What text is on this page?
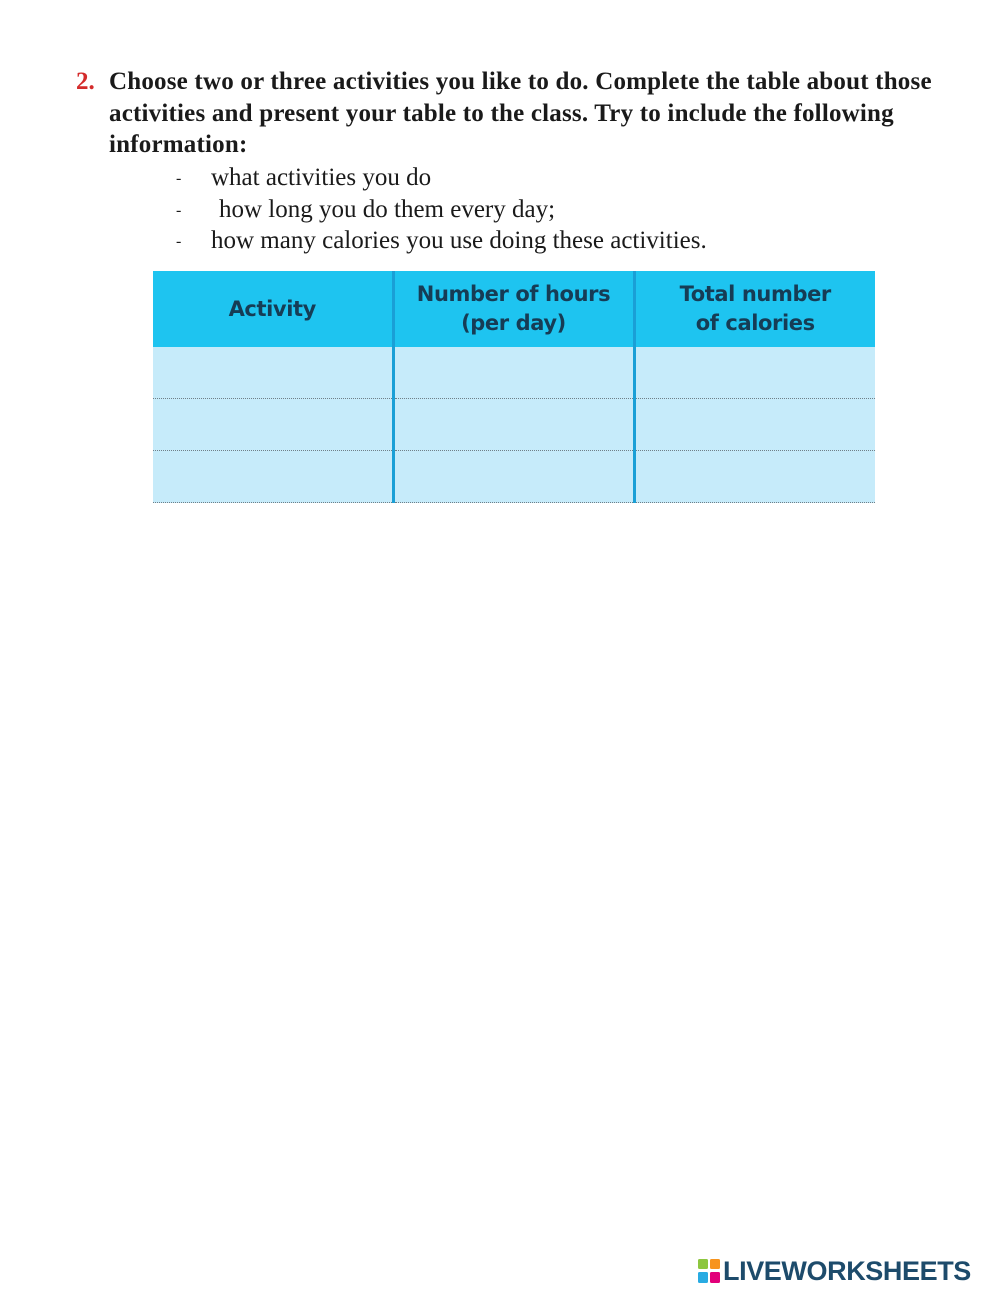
2. Choose two or three activities you like to do. Complete the table about those activities and present your table to the class. Try to include the following information:
- what activities you do
- how long you do them every day;
- how many calories you use doing these activities.
Activity	Number of hours (per day)	Total number of calories

LIVEWORKSHEETS
